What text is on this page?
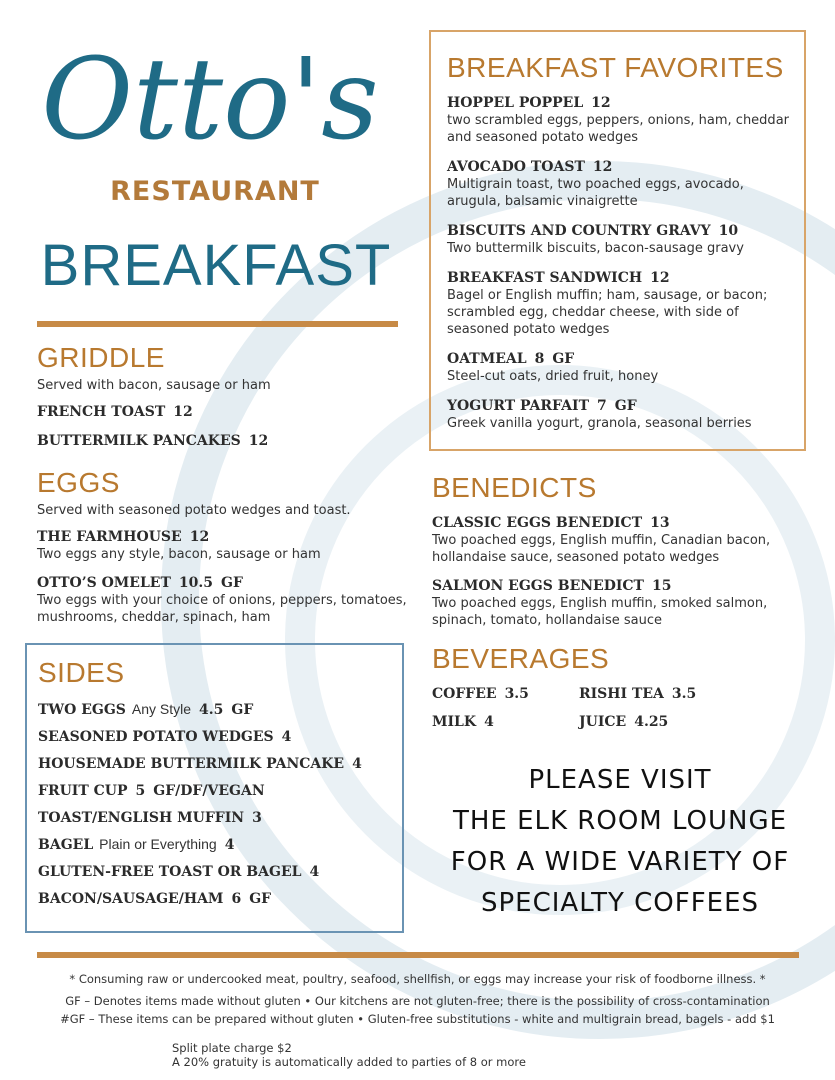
Otto's
RESTAURANT
BREAKFAST
GRIDDLE
Served with bacon, sausage or ham
FRENCH TOAST 12
BUTTERMILK PANCAKES 12
EGGS
Served with seasoned potato wedges and toast.
THE FARMHOUSE 12
Two eggs any style, bacon, sausage or ham
OTTO’S OMELET 10.5 GF
Two eggs with your choice of onions, peppers, tomatoes, mushrooms, cheddar, spinach, ham
SIDES
TWO EGGS Any Style 4.5 GF
SEASONED POTATO WEDGES 4
HOUSEMADE BUTTERMILK PANCAKE 4
FRUIT CUP 5 GF/DF/VEGAN
TOAST/ENGLISH MUFFIN 3
BAGEL Plain or Everything 4
GLUTEN-FREE TOAST OR BAGEL 4
BACON/SAUSAGE/HAM 6 GF
BREAKFAST FAVORITES
HOPPEL POPPEL 12
two scrambled eggs, peppers, onions, ham, cheddar and seasoned potato wedges
AVOCADO TOAST 12
Multigrain toast, two poached eggs, avocado, arugula, balsamic vinaigrette
BISCUITS AND COUNTRY GRAVY 10
Two buttermilk biscuits, bacon-sausage gravy
BREAKFAST SANDWICH 12
Bagel or English muffin; ham, sausage, or bacon; scrambled egg, cheddar cheese, with side of seasoned potato wedges
OATMEAL 8 GF
Steel-cut oats, dried fruit, honey
YOGURT PARFAIT 7 GF
Greek vanilla yogurt, granola, seasonal berries
BENEDICTS
CLASSIC EGGS BENEDICT 13
Two poached eggs, English muffin, Canadian bacon, hollandaise sauce, seasoned potato wedges
SALMON EGGS BENEDICT 15
Two poached eggs, English muffin, smoked salmon, spinach, tomato, hollandaise sauce
BEVERAGES
COFFEE 3.5	RISHI TEA 3.5
MILK 4	JUICE 4.25
PLEASE VISIT
THE ELK ROOM LOUNGE
FOR A WIDE VARIETY OF
SPECIALTY COFFEES
* Consuming raw or undercooked meat, poultry, seafood, shellfish, or eggs may increase your risk of foodborne illness. *
GF – Denotes items made without gluten • Our kitchens are not gluten-free; there is the possibility of cross-contamination
#GF – These items can be prepared without gluten • Gluten-free substitutions - white and multigrain bread, bagels - add $1
Split plate charge $2 A 20% gratuity is automatically added to parties of 8 or more
